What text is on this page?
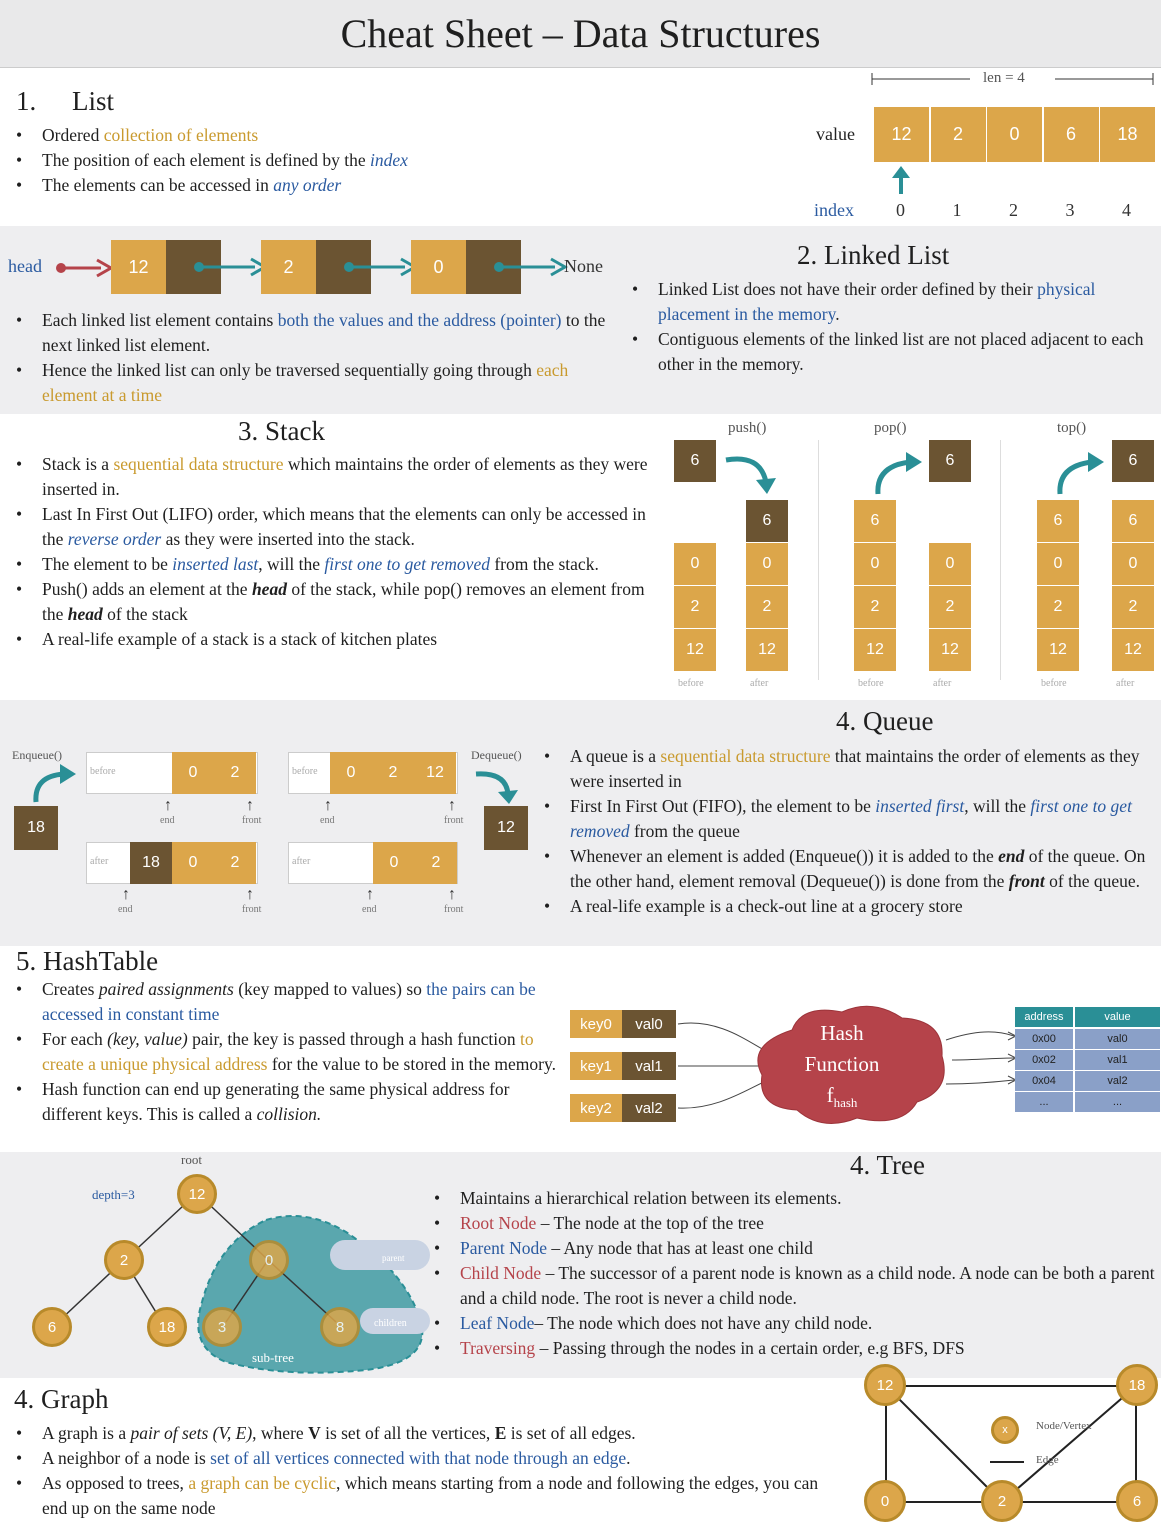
Cheat Sheet – Data Structures
1. List
• Ordered collection of elements
• The position of each element is defined by the index
• The elements can be accessed in any order
len = 4
value	12	2	0	6	18
index 0	1	2	3	4
head	12	2	0	None
• Each linked list element contains both the values and the address (pointer) to the next linked list element.
• Hence the linked list can only be traversed sequentially going through each element at a time
2. Linked List
• Linked List does not have their order defined by their physical placement in the memory.
• Contiguous elements of the linked list are not placed adjacent to each other in the memory.
3. Stack
• Stack is a sequential data structure which maintains the order of elements as they were inserted in.
• Last In First Out (LIFO) order, which means that the elements can only be accessed in the reverse order as they were inserted into the stack.
• The element to be inserted last, will the first one to get removed from the stack.
• Push() adds an element at the head of the stack, while pop() removes an element from the head of the stack
• A real-life example of a stack is a stack of kitchen plates
push()	pop()	top()
12
2
0
before
6
12
2
0
6
after
12
2
0
before
6
12
2
0
after
6
12
2
0
before
6
12
2
0
after
6
6
4. Queue
• A queue is a sequential data structure that maintains the order of elements as they were inserted in
• First In First Out (FIFO), the element to be inserted first, will the first one to get removed from the queue
• Whenever an element is added (Enqueue()) it is added to the end of the queue. On the other hand, element removal (Dequeue()) is done from the front of the queue.
• A real-life example is a check-out line at a grocery store
Enqueue()
18
Dequeue()
12
before	0	2
after	18	0	2
before	0	2	12
after	0	2
↑
end
↑
front
↑
end
↑
front
↑
end
↑
front
↑
end
↑
front
5. HashTable
• Creates paired assignments (key mapped to values) so the pairs can be accessed in constant time
• For each (key, value) pair, the key is passed through a hash function to create a unique physical address for the value to be stored in the memory.
• Hash function can end up generating the same physical address for different keys. This is called a collision.
key0	val0
key1	val1
key2	val2
Hash
Function
$f_{hash}$
address	value
0x00	val0
0x02	val1
0x04	val2
...	...
4. Tree
• Maintains a hierarchical relation between its elements.
• Root Node – The node at the top of the tree
• Parent Node – Any node that has at least one child
• Child Node – The successor of a parent node is known as a child node. A node can be both a parent and a child node. The root is never a child node.
• Leaf Node– The node which does not have any child node.
• Traversing – Passing through the nodes in a certain order, e.g BFS, DFS
parent
children
root
depth=3
sub-tree
12
2	0
6	18	3	8
4. Graph
• A graph is a pair of sets (V, E), where V is set of all the vertices, E is set of all edges.
• A neighbor of a node is set of all vertices connected with that node through an edge.
• As opposed to trees, a graph can be cyclic, which means starting from a node and following the edges, you can end up on the same node
12	18
0	2	6
x	Node/Vertex
Edge
